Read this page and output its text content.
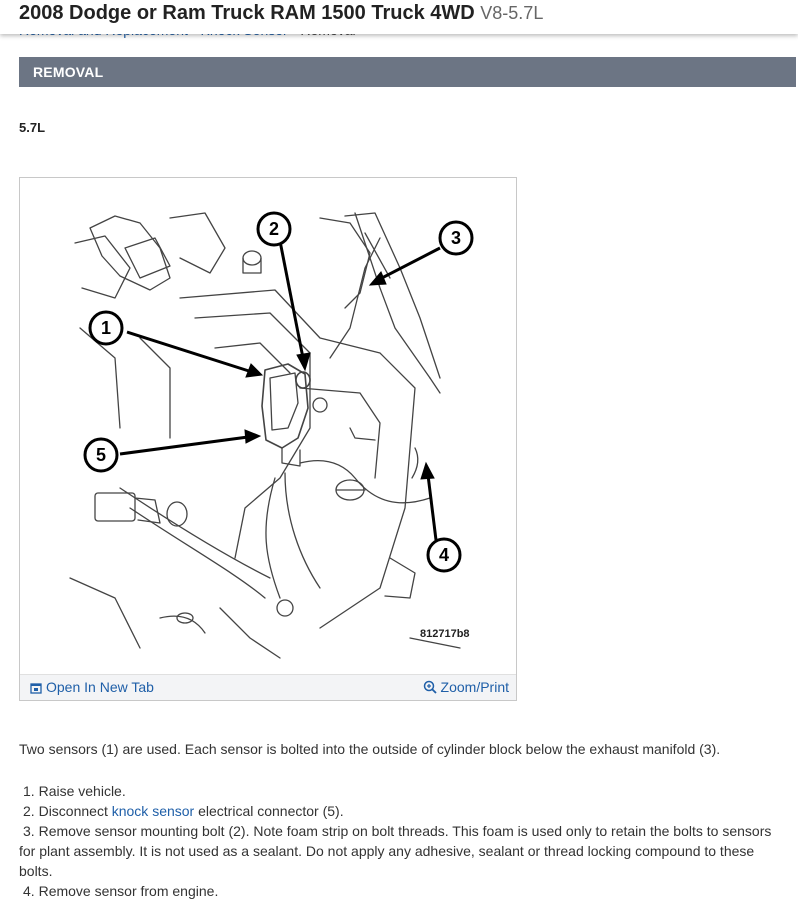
2008 Dodge or Ram Truck RAM 1500 Truck 4WD V8-5.7L
REMOVAL
5.7L
1
2	3
4
5
812717b8
Open In New Tab	Zoom/Print
Two sensors (1) are used. Each sensor is bolted into the outside of cylinder block below the exhaust manifold (3).
1. Raise vehicle.
2. Disconnect knock sensor electrical connector (5).
3. Remove sensor mounting bolt (2). Note foam strip on bolt threads. This foam is used only to retain the bolts to sensors for plant assembly. It is not used as a sealant. Do not apply any adhesive, sealant or thread locking compound to these bolts.
4. Remove sensor from engine.
